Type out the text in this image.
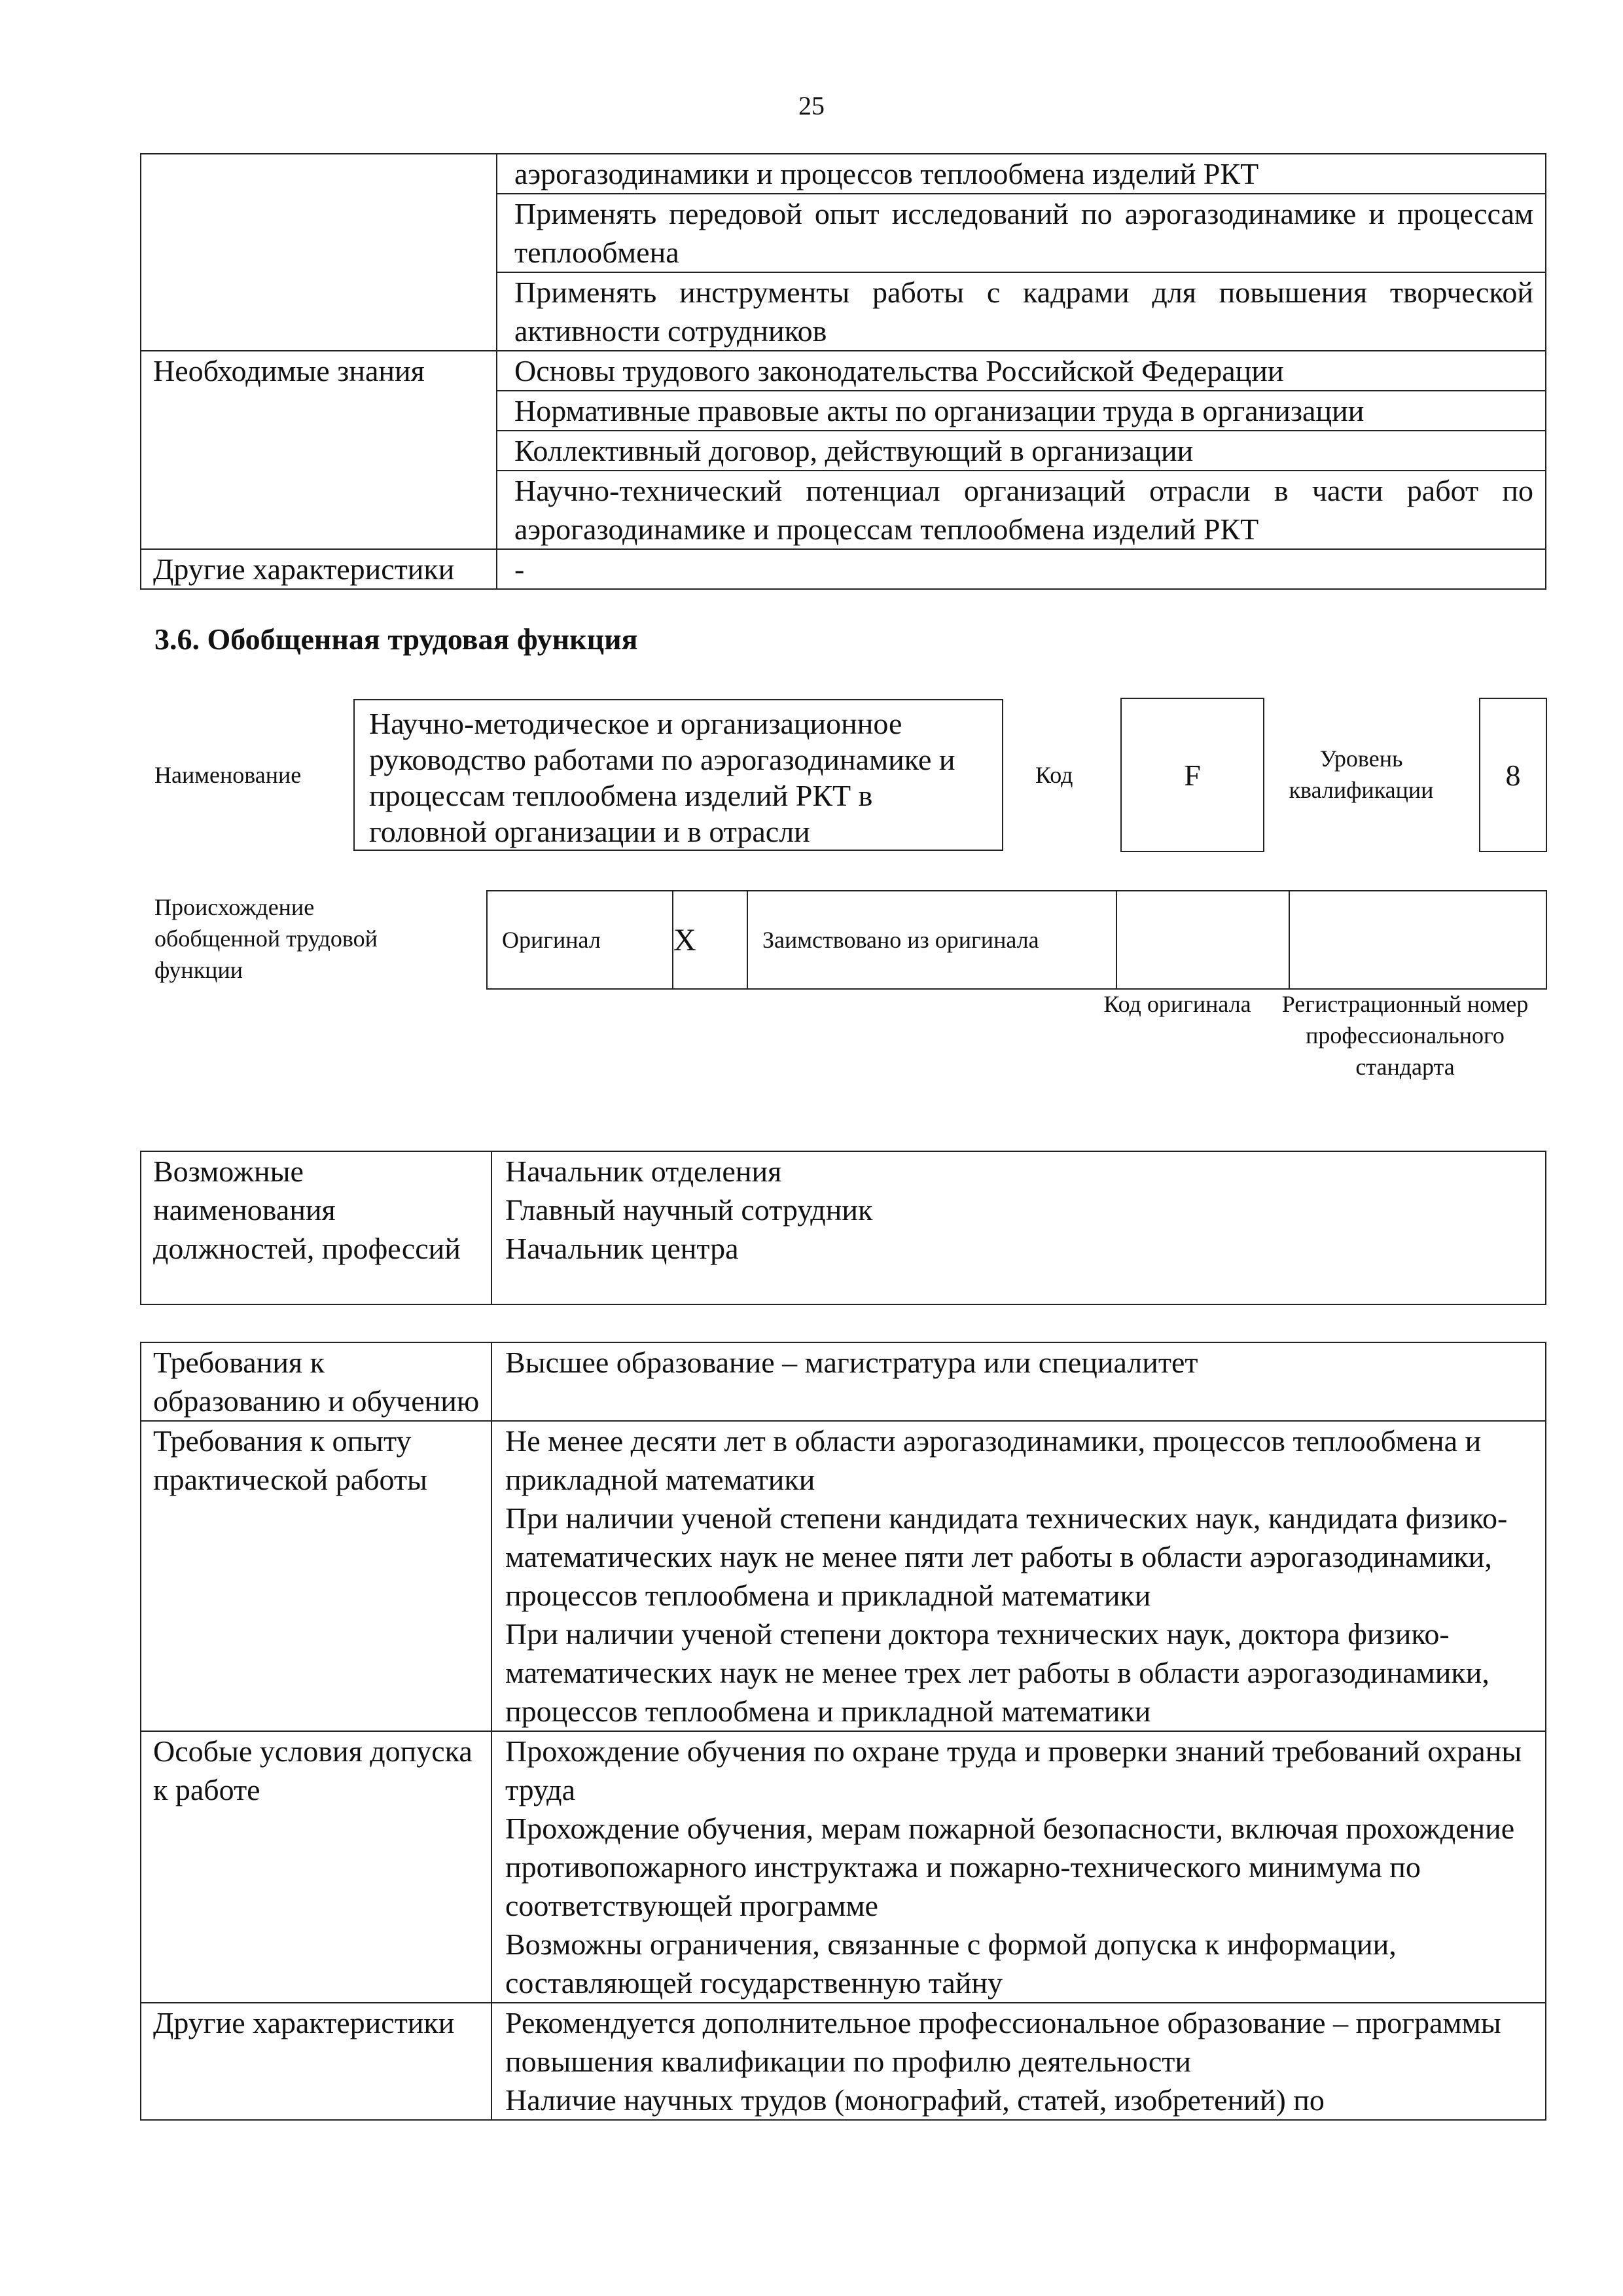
25

	аэрогазодинамики и процессов теплообмена изделий РКТ

	Применять передовой опыт исследований по аэрогазодинамике и процессам теплообмена

	Применять инструменты работы с кадрами для повышения творческой активности сотрудников

Необходимые знания	Основы трудового законодательства Российской Федерации

	Нормативные правовые акты по организации труда в организации

	Коллективный договор, действующий в организации

	Научно-технический потенциал организаций отрасли в части работ по аэрогазодинамике и процессам теплообмена изделий РКТ

Другие характеристики	-
3.6. Обобщенная трудовая функция
Наименование
Научно-методическое и организационное руководство работами по аэрогазодинамике и процессам теплообмена изделий РКТ в головной организации и в отрасли
Код	F	Уровень квалификации	8
Происхождение обобщенной трудовой функции
Оригинал	X	Заимствовано из оригинала

Код оригинала	Регистрационный номер профессионального стандарта
Возможные наименования должностей, профессий

Начальник отделения
Главный научный сотрудник
Начальник центра
Требования к образованию и обучению	Высшее образование – магистратура или специалитет

Требования к опыту практической работы	Не менее десяти лет в области аэрогазодинамики, процессов теплообмена и прикладной математики
При наличии ученой степени кандидата технических наук, кандидата физико-математических наук не менее пяти лет работы в области аэрогазодинамики, процессов теплообмена и прикладной математики
При наличии ученой степени доктора технических наук, доктора физико-математических наук не менее трех лет работы в области аэрогазодинамики, процессов теплообмена и прикладной математики

Особые условия допуска к работе	Прохождение обучения по охране труда и проверки знаний требований охраны труда
Прохождение обучения, мерам пожарной безопасности, включая прохождение противопожарного инструктажа и пожарно-технического минимума по соответствующей программе
Возможны ограничения, связанные с формой допуска к информации, составляющей государственную тайну

Другие характеристики	Рекомендуется дополнительное профессиональное образование – программы повышения квалификации по профилю деятельности
Наличие научных трудов (монографий, статей, изобретений) по
